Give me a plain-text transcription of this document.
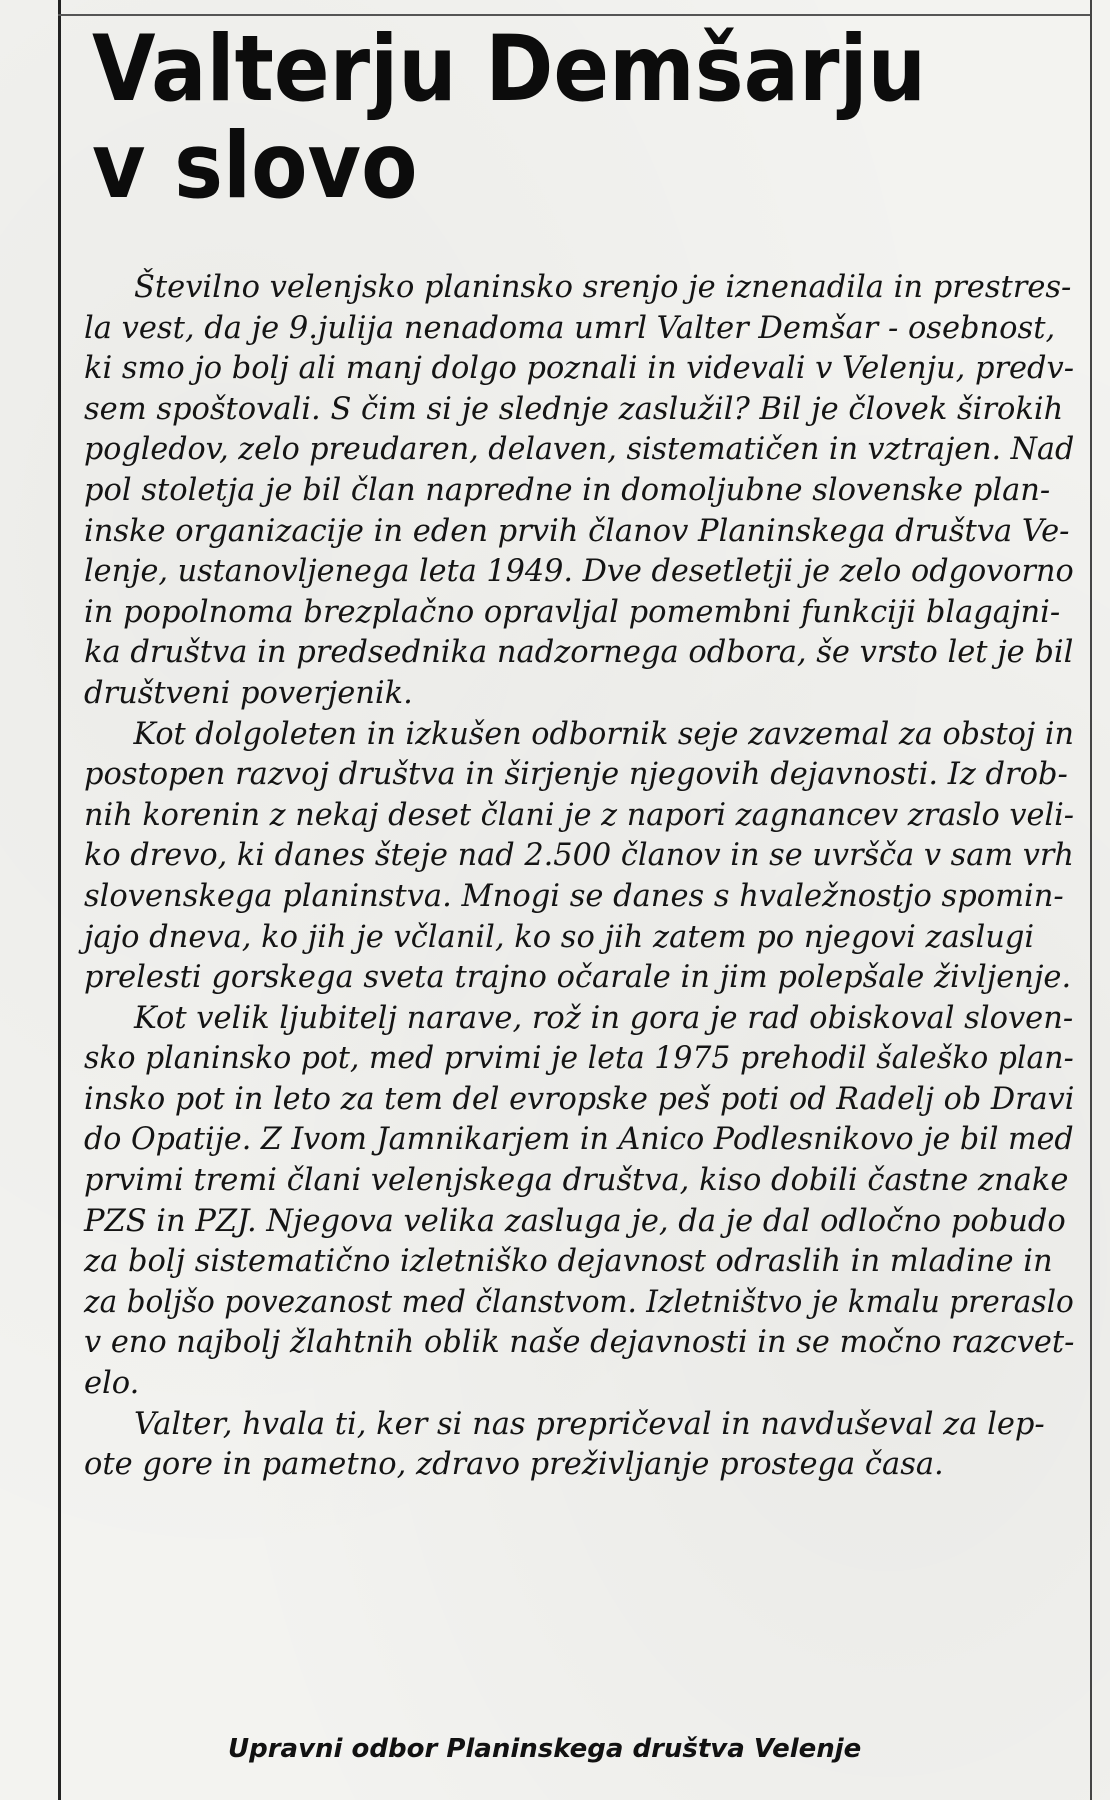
Valterju Demšarju
v slovo
Številno velenjsko planinsko srenjo je iznenadila in prestres-
la vest, da je 9.julija nenadoma umrl Valter Demšar - osebnost,
ki smo jo bolj ali manj dolgo poznali in videvali v Velenju, predv-
sem spoštovali. S čim si je slednje zaslužil? Bil je človek širokih
pogledov, zelo preudaren, delaven, sistematičen in vztrajen. Nad
pol stoletja je bil član napredne in domoljubne slovenske plan-
inske organizacije in eden prvih članov Planinskega društva Ve-
lenje, ustanovljenega leta 1949. Dve desetletji je zelo odgovorno
in popolnoma brezplačno opravljal pomembni funkciji blagajni-
ka društva in predsednika nadzornega odbora, še vrsto let je bil
društveni poverjenik.
Kot dolgoleten in izkušen odbornik seje zavzemal za obstoj in
postopen razvoj društva in širjenje njegovih dejavnosti. Iz drob-
nih korenin z nekaj deset člani je z napori zagnancev zraslo veli-
ko drevo, ki danes šteje nad 2.500 članov in se uvršča v sam vrh
slovenskega planinstva. Mnogi se danes s hvaležnostjo spomin-
jajo dneva, ko jih je včlanil, ko so jih zatem po njegovi zaslugi
prelesti gorskega sveta trajno očarale in jim polepšale življenje.
Kot velik ljubitelj narave, rož in gora je rad obiskoval sloven-
sko planinsko pot, med prvimi je leta 1975 prehodil šaleško plan-
insko pot in leto za tem del evropske peš poti od Radelj ob Dravi
do Opatije. Z Ivom Jamnikarjem in Anico Podlesnikovo je bil med
prvimi tremi člani velenjskega društva, kiso dobili častne znake
PZS in PZJ. Njegova velika zasluga je, da je dal odločno pobudo
za bolj sistematično izletniško dejavnost odraslih in mladine in
za boljšo povezanost med članstvom. Izletništvo je kmalu preraslo
v eno najbolj žlahtnih oblik naše dejavnosti in se močno razcvet-
elo.
Valter, hvala ti, ker si nas prepričeval in navduševal za lep-
ote gore in pametno, zdravo preživljanje prostega časa.
Upravni odbor Planinskega društva Velenje
